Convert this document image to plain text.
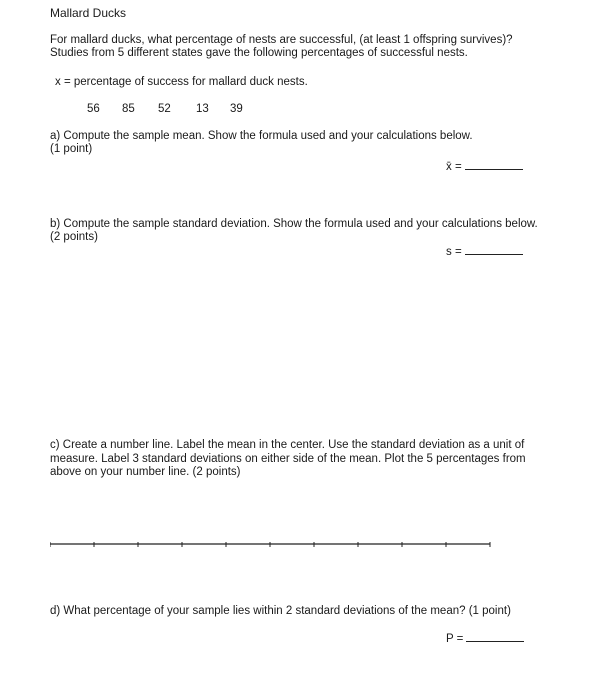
Mallard Ducks
For mallard ducks, what percentage of nests are successful, (at least 1 offspring survives)?
Studies from 5 different states gave the following percentages of successful nests.
x = percentage of success for mallard duck nests.
56 85 52 13 39
a) Compute the sample mean. Show the formula used and your calculations below.
(1 point)
x̄ =
b) Compute the sample standard deviation. Show the formula used and your calculations below.
(2 points)
s =
c) Create a number line. Label the mean in the center. Use the standard deviation as a unit of
measure. Label 3 standard deviations on either side of the mean. Plot the 5 percentages from
above on your number line. (2 points)
d) What percentage of your sample lies within 2 standard deviations of the mean? (1 point)
P =
